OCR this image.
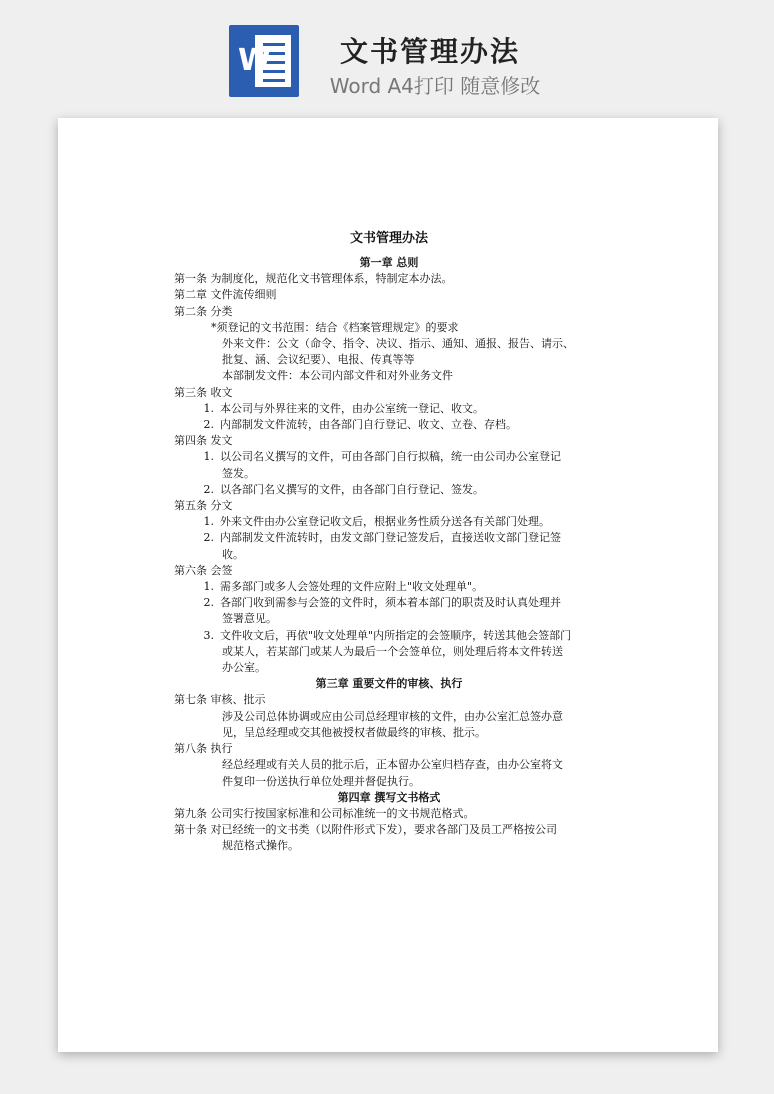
W	文书管理办法
Word A4打印 随意修改
文书管理办法
第一章 总则
第一条 为制度化，规范化文书管理体系，特制定本办法。
第二章 文件流传细则
第二条 分类
*须登记的文书范围：结合《档案管理规定》的要求
外来文件：公文（命令、指令、决议、指示、通知、通报、报告、请示、
批复、涵、会议纪要）、电报、传真等等
本部制发文件：本公司内部文件和对外业务文件
第三条 收文
1. 本公司与外界往来的文件，由办公室统一登记、收文。
2. 内部制发文件流转，由各部门自行登记、收文、立卷、存档。
第四条 发文
1. 以公司名义撰写的文件，可由各部门自行拟稿，统一由公司办公室登记
签发。
2. 以各部门名义撰写的文件，由各部门自行登记、签发。
第五条 分文
1. 外来文件由办公室登记收文后，根据业务性质分送各有关部门处理。
2. 内部制发文件流转时，由发文部门登记签发后，直接送收文部门登记签
收。
第六条 会签
1. 需多部门或多人会签处理的文件应附上"收文处理单"。
2. 各部门收到需参与会签的文件时，须本着本部门的职责及时认真处理并
签署意见。
3. 文件收文后，再依"收文处理单"内所指定的会签顺序，转送其他会签部门
或某人，若某部门或某人为最后一个会签单位，则处理后将本文件转送
办公室。
第三章 重要文件的审核、执行
第七条 审核、批示
涉及公司总体协调或应由公司总经理审核的文件，由办公室汇总签办意
见，呈总经理或交其他被授权者做最终的审核、批示。
第八条 执行
经总经理或有关人员的批示后，正本留办公室归档存查，由办公室将文
件复印一份送执行单位处理并督促执行。
第四章 撰写文书格式
第九条 公司实行按国家标准和公司标准统一的文书规范格式。
第十条 对已经统一的文书类（以附件形式下发），要求各部门及员工严格按公司
规范格式操作。
